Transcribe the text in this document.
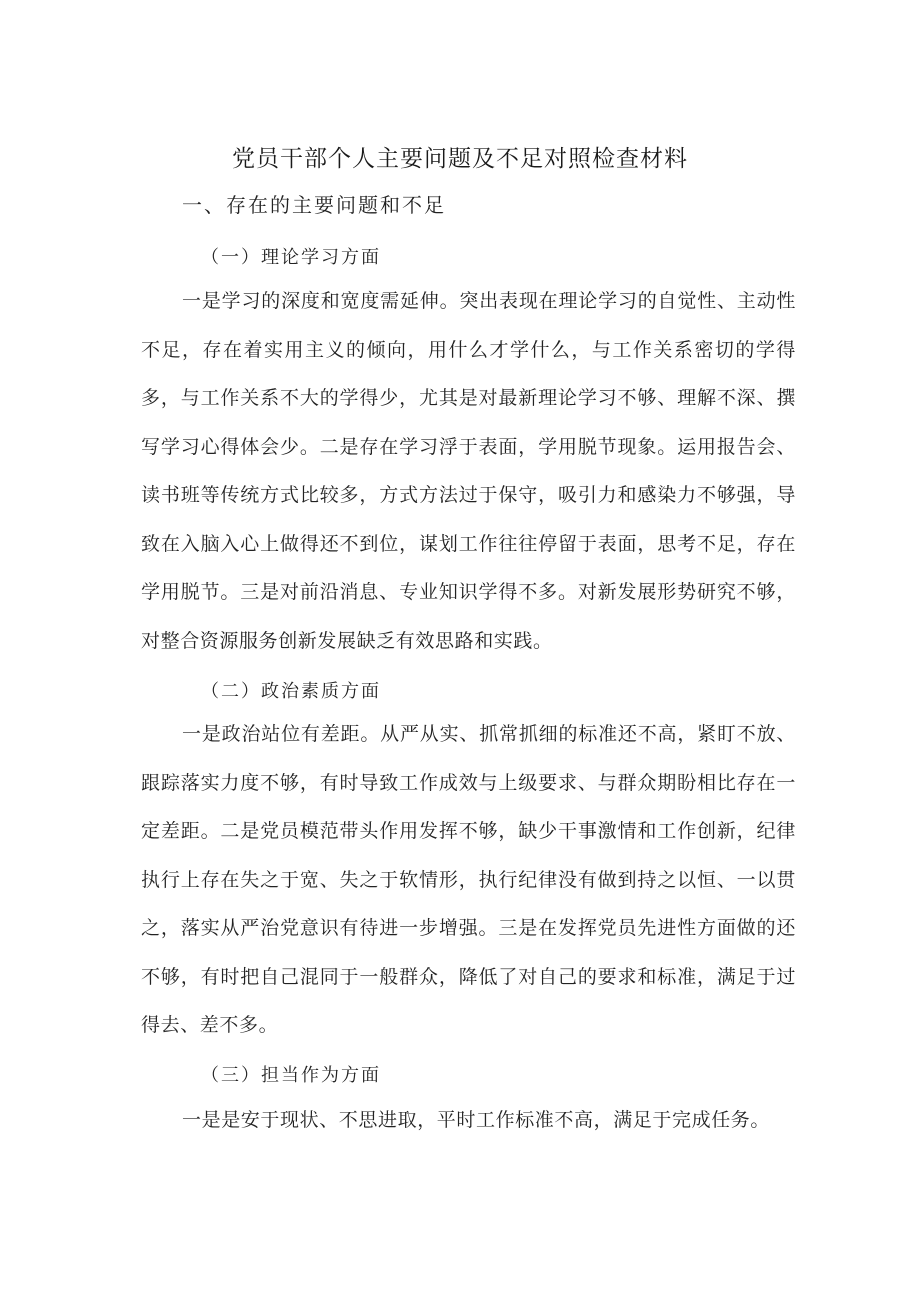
党员干部个人主要问题及不足对照检查材料
一、存在的主要问题和不足
（一）理论学习方面

一是学习的深度和宽度需延伸。突出表现在理论学习的自觉性、主动性不足，存在着实用主义的倾向，用什么才学什么，与工作关系密切的学得多，与工作关系不大的学得少，尤其是对最新理论学习不够、理解不深、撰写学习心得体会少。二是存在学习浮于表面，学用脱节现象。运用报告会、读书班等传统方式比较多，方式方法过于保守，吸引力和感染力不够强，导致在入脑入心上做得还不到位，谋划工作往往停留于表面，思考不足，存在学用脱节。三是对前沿消息、专业知识学得不多。对新发展形势研究不够，对整合资源服务创新发展缺乏有效思路和实践。

（二）政治素质方面

一是政治站位有差距。从严从实、抓常抓细的标准还不高，紧盯不放、跟踪落实力度不够，有时导致工作成效与上级要求、与群众期盼相比存在一定差距。二是党员模范带头作用发挥不够，缺少干事激情和工作创新，纪律执行上存在失之于宽、失之于软情形，执行纪律没有做到持之以恒、一以贯之，落实从严治党意识有待进一步增强。三是在发挥党员先进性方面做的还不够，有时把自己混同于一般群众，降低了对自己的要求和标准，满足于过得去、差不多。

（三）担当作为方面

一是是安于现状、不思进取，平时工作标准不高，满足于完成任务。
